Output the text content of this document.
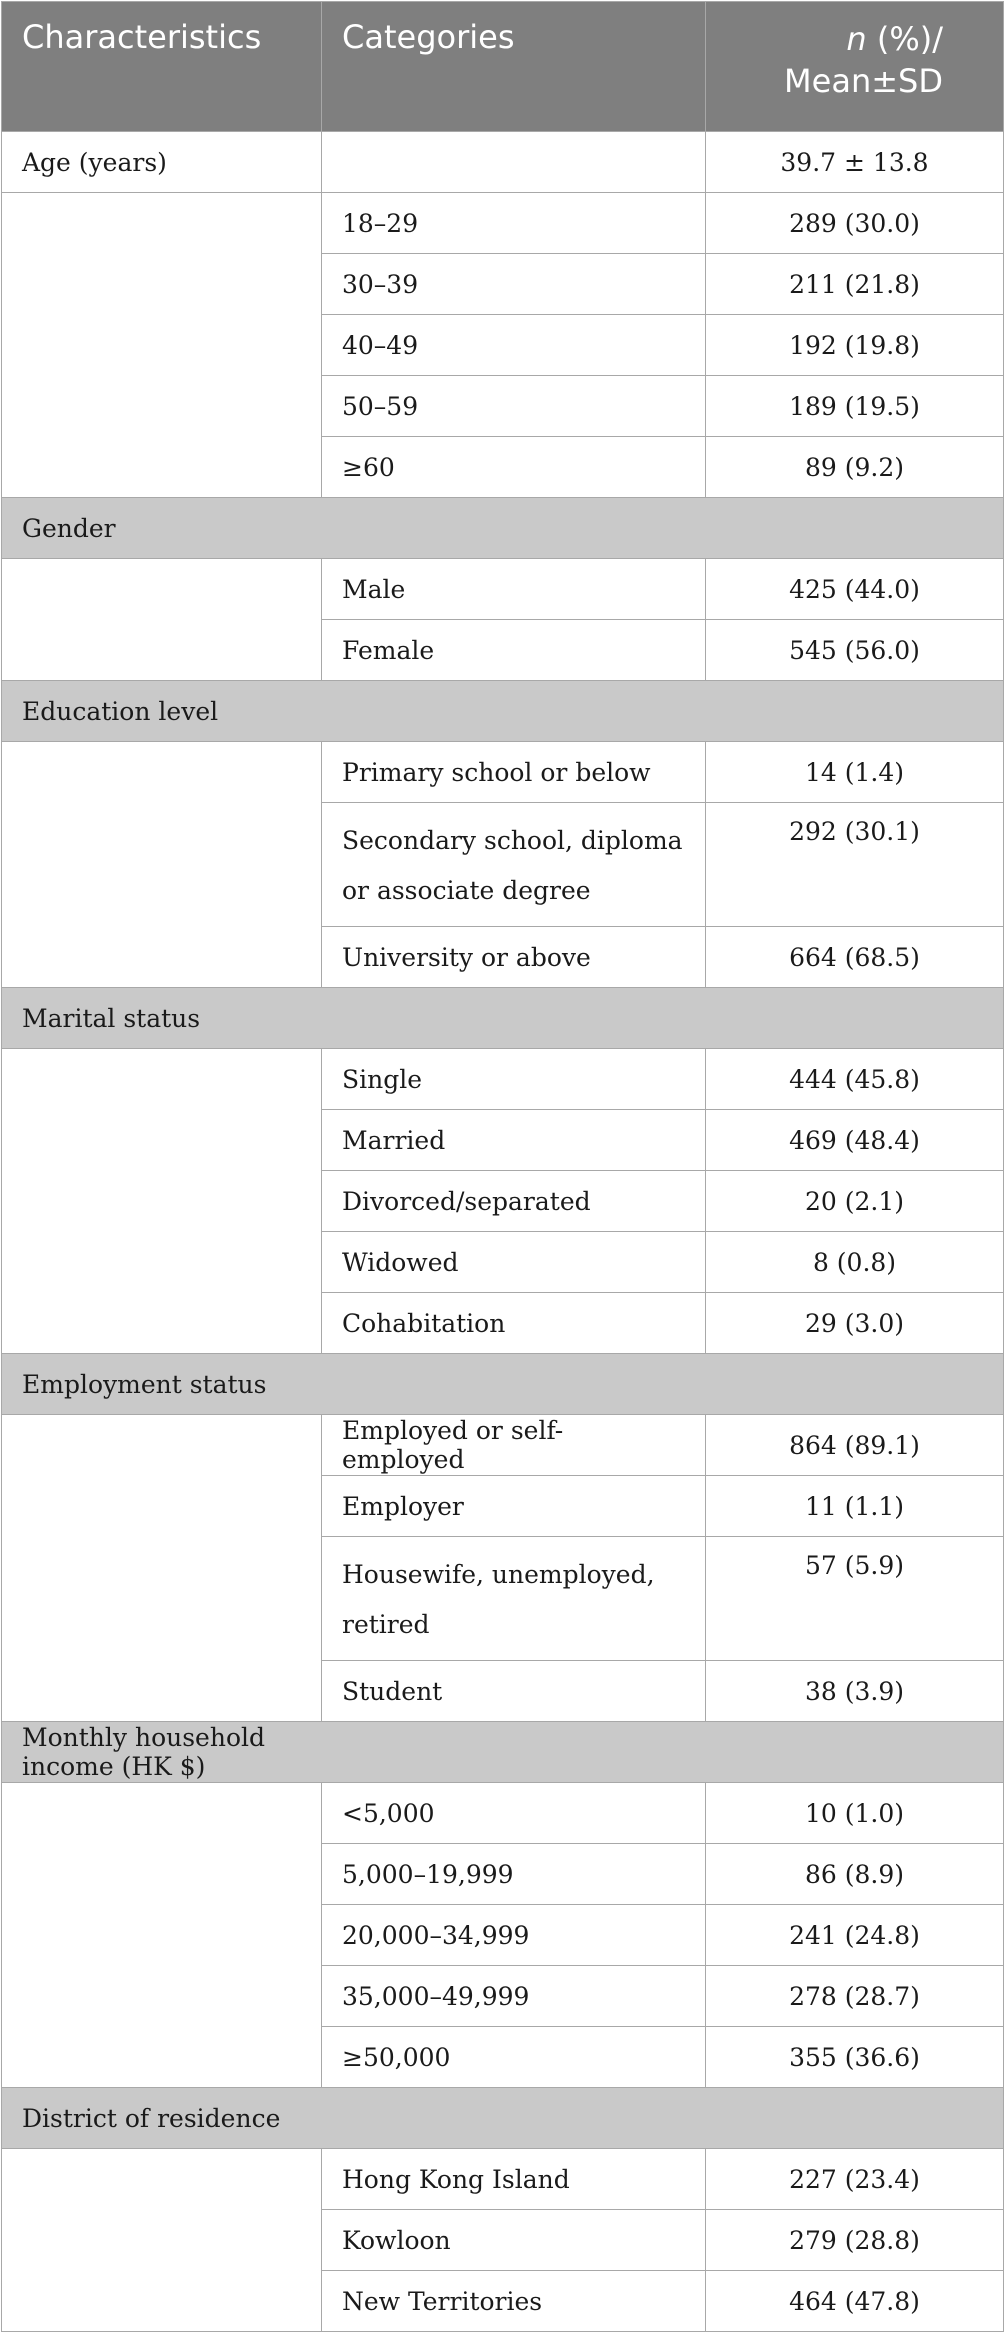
Characteristics	Categories	n (%)/
Mean±SD
Age (years)		39.7 ± 13.8
	18–29	289 (30.0)
	30–39	211 (21.8)
	40–49	192 (19.8)
	50–59	189 (19.5)
	≥60	89 (9.2)
Gender		
	Male	425 (44.0)
	Female	545 (56.0)
Education level		
	Primary school or below	14 (1.4)
	Secondary school, diploma or associate degree	292 (30.1)
	University or above	664 (68.5)
Marital status		
	Single	444 (45.8)
	Married	469 (48.4)
	Divorced/separated	20 (2.1)
	Widowed	8 (0.8)
	Cohabitation	29 (3.0)
Employment status		
	Employed or self-employed	864 (89.1)
	Employer	11 (1.1)
	Housewife, unemployed, retired	57 (5.9)
	Student	38 (3.9)
Monthly household income (HK $)		
	<5,000	10 (1.0)
	5,000–19,999	86 (8.9)
	20,000–34,999	241 (24.8)
	35,000–49,999	278 (28.7)
	≥50,000	355 (36.6)
District of residence		
	Hong Kong Island	227 (23.4)
	Kowloon	279 (28.8)
	New Territories	464 (47.8)
